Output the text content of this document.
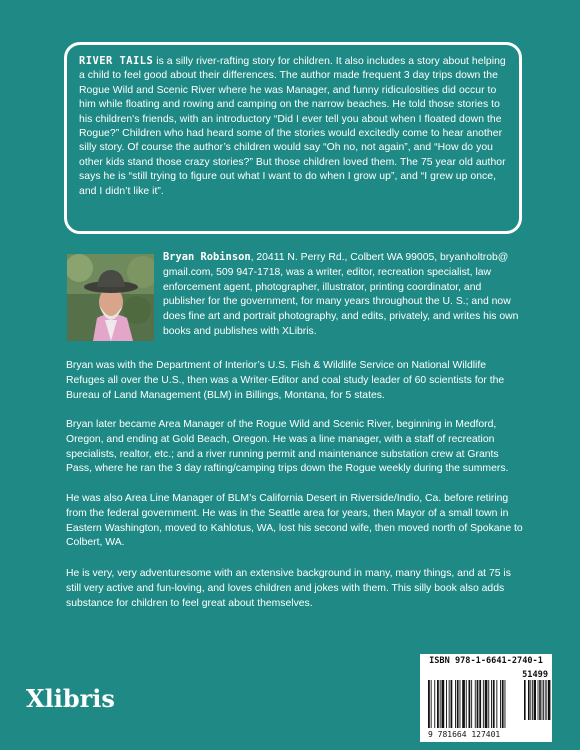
RIVER TAILS is a silly river-rafting story for children. It also includes a story about helping a child to feel good about their differences. The author made frequent 3 day trips down the Rogue Wild and Scenic River where he was Manager, and funny ridiculosities did occur to him while floating and rowing and camping on the narrow beaches. He told those stories to his children's friends, with an introductory “Did I ever tell you about when I floated down the Rogue?” Children who had heard some of the stories would excitedly come to hear another silly story. Of course the author’s children would say “Oh no, not again”, and “How do you other kids stand those crazy stories?” But those children loved them. The 75 year old author says he is “still trying to figure out what I want to do when I grow up”, and “I grew up once, and I didn’t like it”.
Bryan Robinson, 20411 N. Perry Rd., Colbert WA 99005, bryanholtrob@ gmail.com, 509 947-1718, was a writer, editor, recreation specialist, law enforcement agent, photographer, illustrator, printing coordinator, and publisher for the government, for many years throughout the U. S.; and now does fine art and portrait photography, and edits, privately, and writes his own books and publishes with XLibris.
Bryan was with the Department of Interior’s U.S. Fish & Wildlife Service on National Wildlife Refuges all over the U.S., then was a Writer-Editor and coal study leader of 60 scientists for the Bureau of Land Management (BLM) in Billings, Montana, for 5 states.
Bryan later became Area Manager of the Rogue Wild and Scenic River, beginning in Medford, Oregon, and ending at Gold Beach, Oregon. He was a line manager, with a staff of recreation specialists, realtor, etc.; and a river running permit and maintenance substation crew at Grants Pass, where he ran the 3 day rafting/camping trips down the Rogue weekly during the summers.
He was also Area Line Manager of BLM’s California Desert in Riverside/Indio, Ca. before retiring from the federal government. He was in the Seattle area for years, then Mayor of a small town in Eastern Washington, moved to Kahlotus, WA, lost his second wife, then moved north of Spokane to Colbert, WA.
He is very, very adventuresome with an extensive background in many, many things, and at 75 is still very active and fun-loving, and loves children and jokes with them. This silly book also adds substance for children to feel great about themselves.
ISBN 978-1-6641-2740-1
51499
9 781664 127401
Xlibris
